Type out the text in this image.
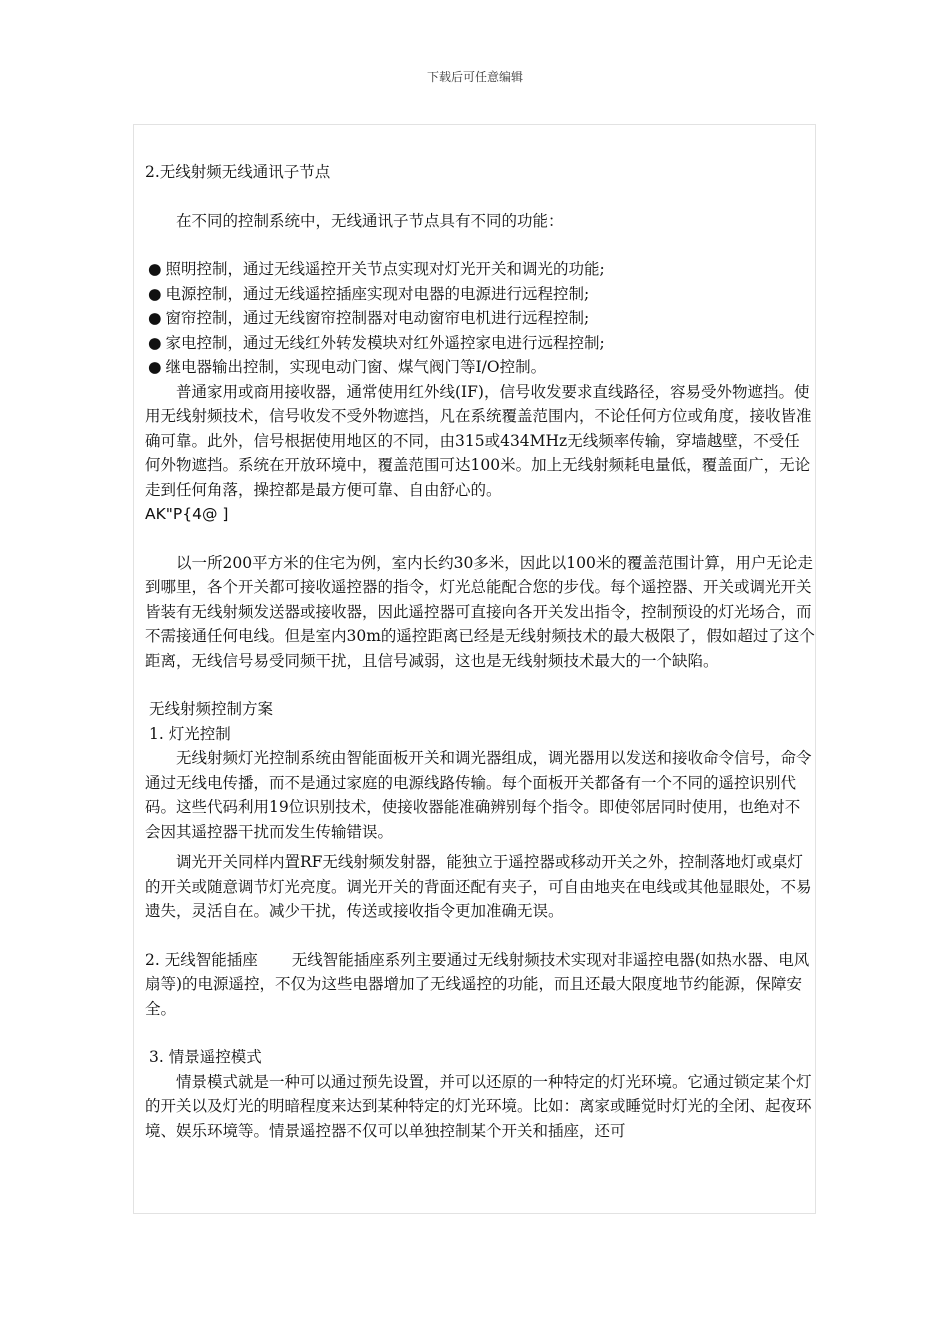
下载后可任意编辑

2.无线射频无线通讯子节点

在不同的控制系统中，无线通讯子节点具有不同的功能：

● 照明控制，通过无线遥控开关节点实现对灯光开关和调光的功能;
● 电源控制，通过无线遥控插座实现对电器的电源进行远程控制;
● 窗帘控制，通过无线窗帘控制器对电动窗帘电机进行远程控制;
● 家电控制，通过无线红外转发模块对红外遥控家电进行远程控制;
● 继电器输出控制，实现电动门窗、煤气阀门等I/O控制。

普通家用或商用接收器，通常使用红外线(IF)，信号收发要求直线路径，容易受外物遮挡。使用无线射频技术，信号收发不受外物遮挡，凡在系统覆盖范围内，不论任何方位或角度，接收皆准确可靠。此外，信号根据使用地区的不同，由315或434MHz无线频率传输，穿墙越壁，不受任何外物遮挡。系统在开放环境中，覆盖范围可达100米。加上无线射频耗电量低，覆盖面广，无论走到任何角落，操控都是最方便可靠、自由舒心的。

AK"P{4@ ]

以一所200平方米的住宅为例，室内长约30多米，因此以100米的覆盖范围计算，用户无论走到哪里，各个开关都可接收遥控器的指令，灯光总能配合您的步伐。每个遥控器、开关或调光开关皆装有无线射频发送器或接收器，因此遥控器可直接向各开关发出指令，控制预设的灯光场合，而不需接通任何电线。但是室内30m的遥控距离已经是无线射频技术的最大极限了，假如超过了这个距离，无线信号易受同频干扰，且信号减弱，这也是无线射频技术最大的一个缺陷。

无线射频控制方案

1. 灯光控制

无线射频灯光控制系统由智能面板开关和调光器组成，调光器用以发送和接收命令信号，命令通过无线电传播，而不是通过家庭的电源线路传输。每个面板开关都备有一个不同的遥控识别代码。这些代码利用19位识别技术，使接收器能准确辨别每个指令。即使邻居同时使用，也绝对不会因其遥控器干扰而发生传输错误。

调光开关同样内置RF无线射频发射器，能独立于遥控器或移动开关之外，控制落地灯或桌灯的开关或随意调节灯光亮度。调光开关的背面还配有夹子，可自由地夹在电线或其他显眼处，不易遗失，灵活自在。减少干扰，传送或接收指令更加准确无误。

2. 无线智能插座 无线智能插座系列主要通过无线射频技术实现对非遥控电器(如热水器、电风扇等)的电源遥控，不仅为这些电器增加了无线遥控的功能，而且还最大限度地节约能源，保障安全。

3. 情景遥控模式

情景模式就是一种可以通过预先设置，并可以还原的一种特定的灯光环境。它通过锁定某个灯的开关以及灯光的明暗程度来达到某种特定的灯光环境。比如：离家或睡觉时灯光的全闭、起夜环境、娱乐环境等。情景遥控器不仅可以单独控制某个开关和插座，还可
